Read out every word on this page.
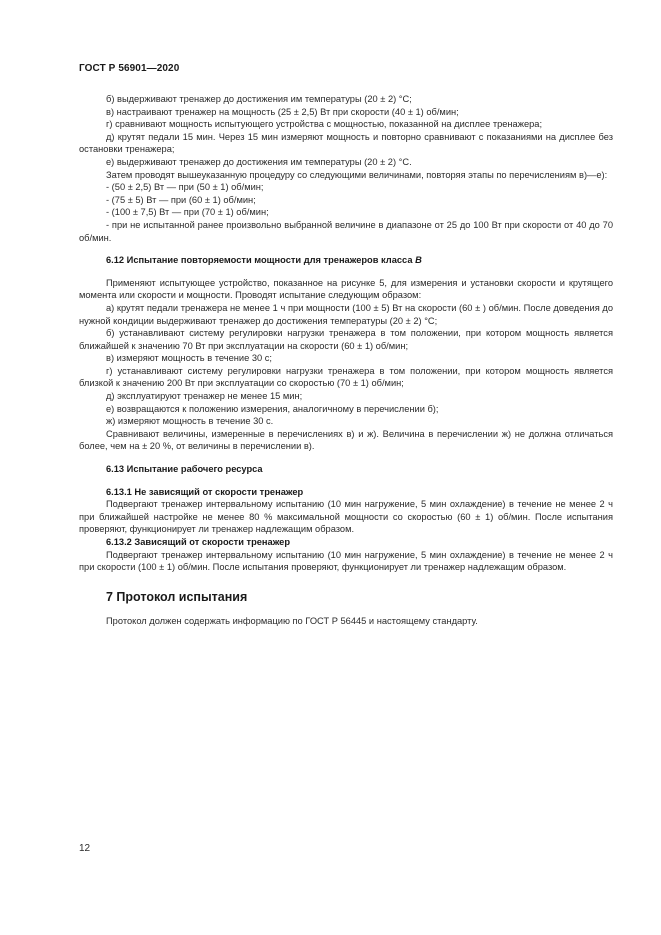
ГОСТ Р 56901—2020

б) выдерживают тренажер до достижения им температуры (20 ± 2) °С;

в) настраивают тренажер на мощность (25 ± 2,5) Вт при скорости (40 ± 1) об/мин;

г) сравнивают мощность испытующего устройства с мощностью, показанной на дисплее тренажера;

д) крутят педали 15 мин. Через 15 мин измеряют мощность и повторно сравнивают с показаниями на дисплее без остановки тренажера;

е) выдерживают тренажер до достижения им температуры (20 ± 2) °С.

Затем проводят вышеуказанную процедуру со следующими величинами, повторяя этапы по перечислениям в)—е):

- (50 ± 2,5) Вт — при (50 ± 1) об/мин;

- (75 ± 5) Вт — при (60 ± 1) об/мин;

- (100 ± 7,5) Вт — при (70 ± 1) об/мин;

- при не испытанной ранее произвольно выбранной величине в диапазоне от 25 до 100 Вт при скорости от 40 до 70 об/мин.

6.12 Испытание повторяемости мощности для тренажеров класса В

Применяют испытующее устройство, показанное на рисунке 5, для измерения и установки скорости и крутящего момента или скорости и мощности. Проводят испытание следующим образом:

а) крутят педали тренажера не менее 1 ч при мощности (100 ± 5) Вт на скорости (60 ± ) об/мин. После доведения до нужной кондиции выдерживают тренажер до достижения температуры (20 ± 2) °С;

б) устанавливают систему регулировки нагрузки тренажера в том положении, при котором мощность является ближайшей к значению 70 Вт при эксплуатации на скорости (60 ± 1) об/мин;

в) измеряют мощность в течение 30 с;

г) устанавливают систему регулировки нагрузки тренажера в том положении, при котором мощность является близкой к значению 200 Вт при эксплуатации со скоростью (70 ± 1) об/мин;

д) эксплуатируют тренажер не менее 15 мин;

е) возвращаются к положению измерения, аналогичному в перечислении б);

ж) измеряют мощность в течение 30 с.

Сравнивают величины, измеренные в перечислениях в) и ж). Величина в перечислении ж) не должна отличаться более, чем на ± 20 %, от величины в перечислении в).

6.13 Испытание рабочего ресурса

6.13.1 Не зависящий от скорости тренажер

Подвергают тренажер интервальному испытанию (10 мин нагружение, 5 мин охлаждение) в течение не менее 2 ч при ближайшей настройке не менее 80 % максимальной мощности со скоростью (60 ± 1) об/мин. После испытания проверяют, функционирует ли тренажер надлежащим образом.

6.13.2 Зависящий от скорости тренажер

Подвергают тренажер интервальному испытанию (10 мин нагружение, 5 мин охлаждение) в течение не менее 2 ч при скорости (100 ± 1) об/мин. После испытания проверяют, функционирует ли тренажер надлежащим образом.

7 Протокол испытания

Протокол должен содержать информацию по ГОСТ Р 56445 и настоящему стандарту.

12
